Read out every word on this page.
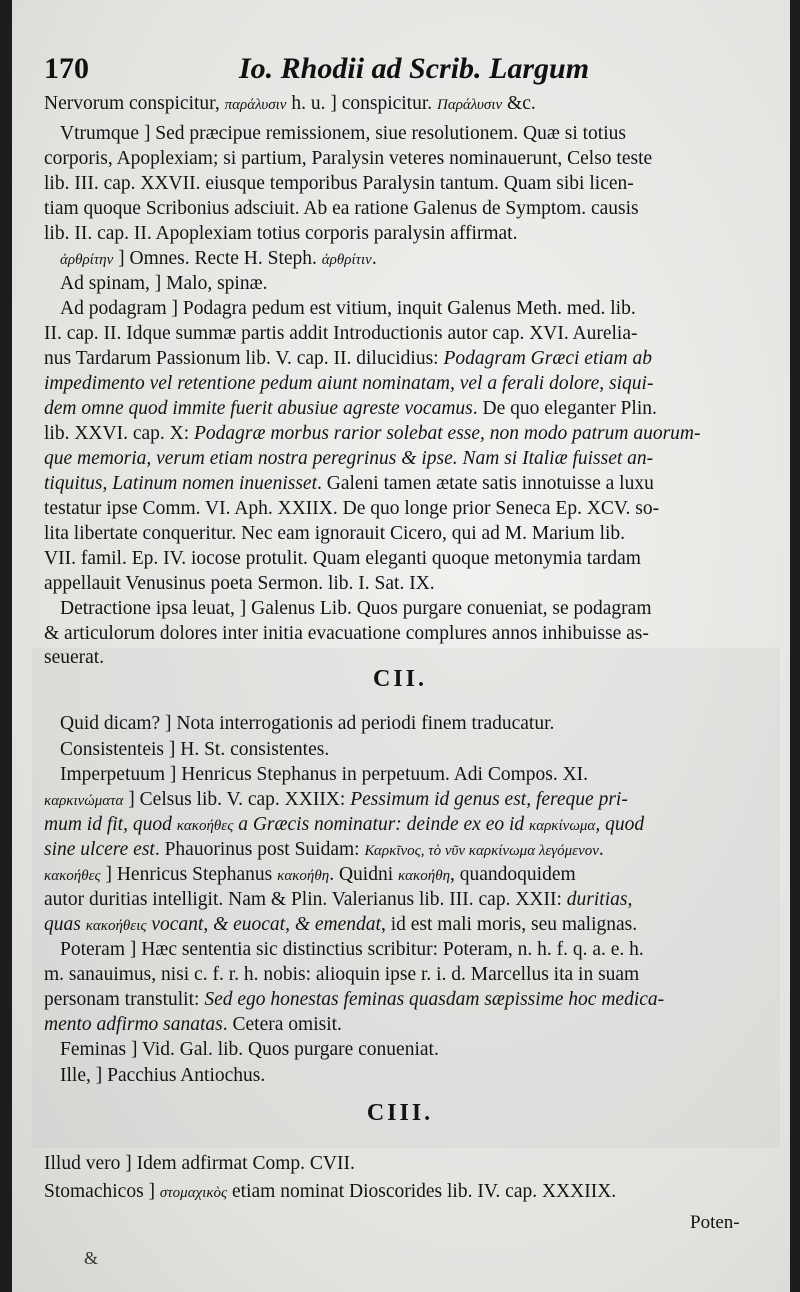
170	Io. Rhodii ad Scrib. Largum
Nervorum conspicitur, παράλυσιν h. u. ] conspicitur. Παράλυσιν &c.
Vtrumque ] Sed præcipue remissionem, siue resolutionem. Quæ si totius
corporis, Apoplexiam; si partium, Paralysin veteres nominauerunt, Celso teste
lib. III. cap. XXVII. eiusque temporibus Paralysin tantum. Quam sibi licen-
tiam quoque Scribonius adsciuit. Ab ea ratione Galenus de Symptom. causis
lib. II. cap. II. Apoplexiam totius corporis paralysin affirmat.
ἀρθρίτην ] Omnes. Recte H. Steph. ἀρθρίτιν.
Ad spinam, ] Malo, spinæ.
Ad podagram ] Podagra pedum est vitium, inquit Galenus Meth. med. lib.
II. cap. II. Idque summæ partis addit Introductionis autor cap. XVI. Aurelia-
nus Tardarum Passionum lib. V. cap. II. dilucidius: Podagram Græci etiam ab
impedimento vel retentione pedum aiunt nominatam, vel a ferali dolore, siqui-
dem omne quod immite fuerit abusiue agreste vocamus. De quo eleganter Plin.
lib. XXVI. cap. X: Podagræ morbus rarior solebat esse, non modo patrum auorum-
que memoria, verum etiam nostra peregrinus & ipse. Nam si Italiæ fuisset an-
tiquitus, Latinum nomen inuenisset. Galeni tamen ætate satis innotuisse a luxu
testatur ipse Comm. VI. Aph. XXIIX. De quo longe prior Seneca Ep. XCV. so-
lita libertate conqueritur. Nec eam ignorauit Cicero, qui ad M. Marium lib.
VII. famil. Ep. IV. iocose protulit. Quam eleganti quoque metonymia tardam
appellauit Venusinus poeta Sermon. lib. I. Sat. IX.
Detractione ipsa leuat, ] Galenus Lib. Quos purgare conueniat, se podagram
& articulorum dolores inter initia evacuatione complures annos inhibuisse as-
seuerat.
Quid dicam? ] Nota interrogationis ad periodi finem traducatur.
Consistenteis ] H. St. consistentes.
Imperpetuum ] Henricus Stephanus in perpetuum. Adi Compos. XI.
καρκινώματα ] Celsus lib. V. cap. XXIIX: Pessimum id genus est, fereque pri-
mum id fit, quod κακοήθες a Græcis nominatur: deinde ex eo id καρκίνωμα, quod
sine ulcere est. Phauorinus post Suidam: Καρκῖνος, τὸ νῦν καρκίνωμα λεγόμενον.
κακοήθες ] Henricus Stephanus κακοήθη. Quidni κακοήθη, quandoquidem
autor duritias intelligit. Nam & Plin. Valerianus lib. III. cap. XXII: duritias,
quas κακοήθεις vocant, & euocat, & emendat, id est mali moris, seu malignas.
Poteram ] Hæc sententia sic distinctius scribitur: Poteram, n. h. f. q. a. e. h.
m. sanauimus, nisi c. f. r. h. nobis: alioquin ipse r. i. d. Marcellus ita in suam
personam transtulit: Sed ego honestas feminas quasdam sæpissime hoc medica-
mento adfirmo sanatas. Cetera omisit.
Feminas ] Vid. Gal. lib. Quos purgare conueniat.
Ille, ] Pacchius Antiochus.
Illud vero ] Idem adfirmat Comp. CVII.
Stomachicos ] στομαχικὸς etiam nominat Dioscorides lib. IV. cap. XXXIIX.
CII.
CIII.
Poten-
&
